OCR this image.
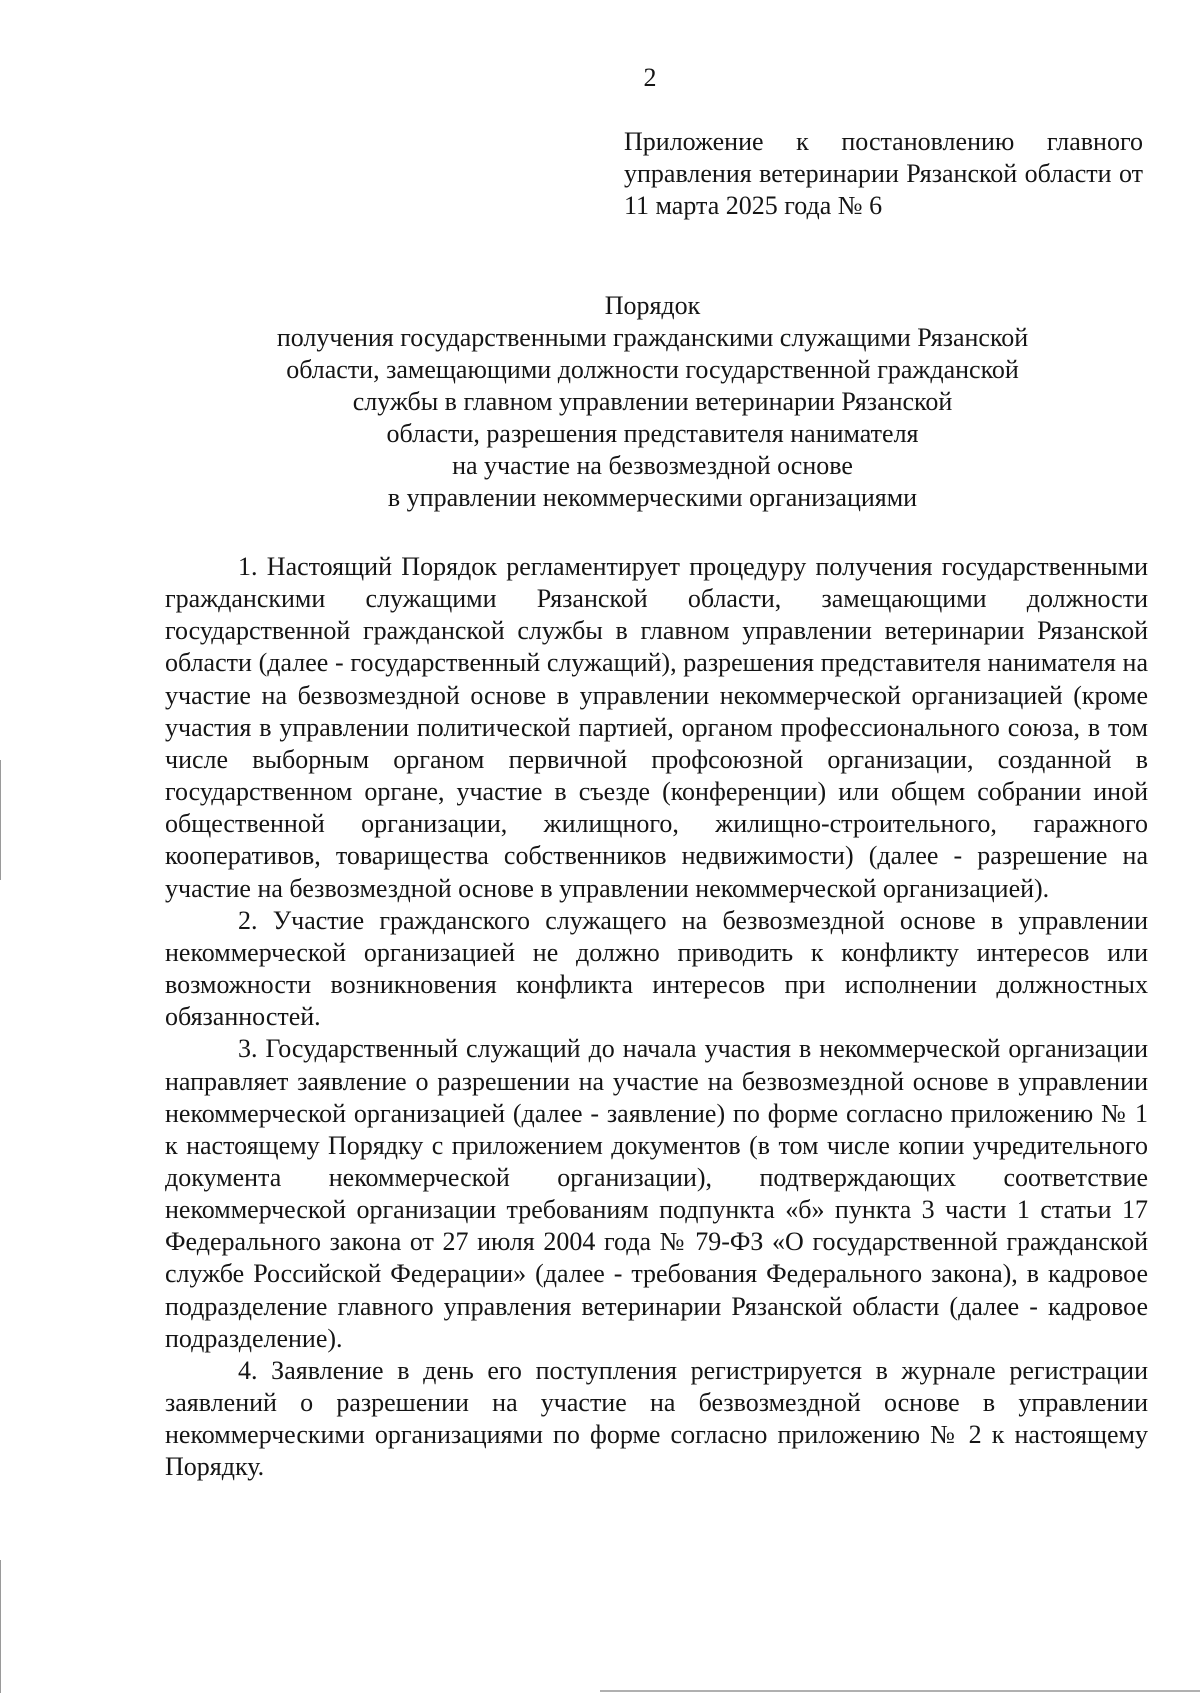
2
Приложение к постановлению главного управления ветеринарии Рязанской области от 11 марта 2025 года № 6
Порядок
получения государственными гражданскими служащими Рязанской
области, замещающими должности государственной гражданской
службы в главном управлении ветеринарии Рязанской
области, разрешения представителя нанимателя
на участие на безвозмездной основе
в управлении некоммерческими организациями

1. Настоящий Порядок регламентирует процедуру получения государственными гражданскими служащими Рязанской области, замещающими должности государственной гражданской службы в главном управлении ветеринарии Рязанской области (далее - государственный служащий), разрешения представителя нанимателя на участие на безвозмездной основе в управлении некоммерческой организацией (кроме участия в управлении политической партией, органом профессионального союза, в том числе выборным органом первичной профсоюзной организации, созданной в государственном органе, участие в съезде (конференции) или общем собрании иной общественной организации, жилищного, жилищно-строительного, гаражного кооперативов, товарищества собственников недвижимости) (далее - разрешение на участие на безвозмездной основе в управлении некоммерческой организацией).

2. Участие гражданского служащего на безвозмездной основе в управлении некоммерческой организацией не должно приводить к конфликту интересов или возможности возникновения конфликта интересов при исполнении должностных обязанностей.

3. Государственный служащий до начала участия в некоммерческой организации направляет заявление о разрешении на участие на безвозмездной основе в управлении некоммерческой организацией (далее - заявление) по форме согласно приложению № 1 к настоящему Порядку с приложением документов (в том числе копии учредительного документа некоммерческой организации), подтверждающих соответствие некоммерческой организации требованиям подпункта «б» пункта 3 части 1 статьи 17 Федерального закона от 27 июля 2004 года № 79-ФЗ «О государственной гражданской службе Российской Федерации» (далее - требования Федерального закона), в кадровое подразделение главного управления ветеринарии Рязанской области (далее - кадровое подразделение).

4. Заявление в день его поступления регистрируется в журнале регистрации заявлений о разрешении на участие на безвозмездной основе в управлении некоммерческими организациями по форме согласно приложению № 2 к настоящему Порядку.
